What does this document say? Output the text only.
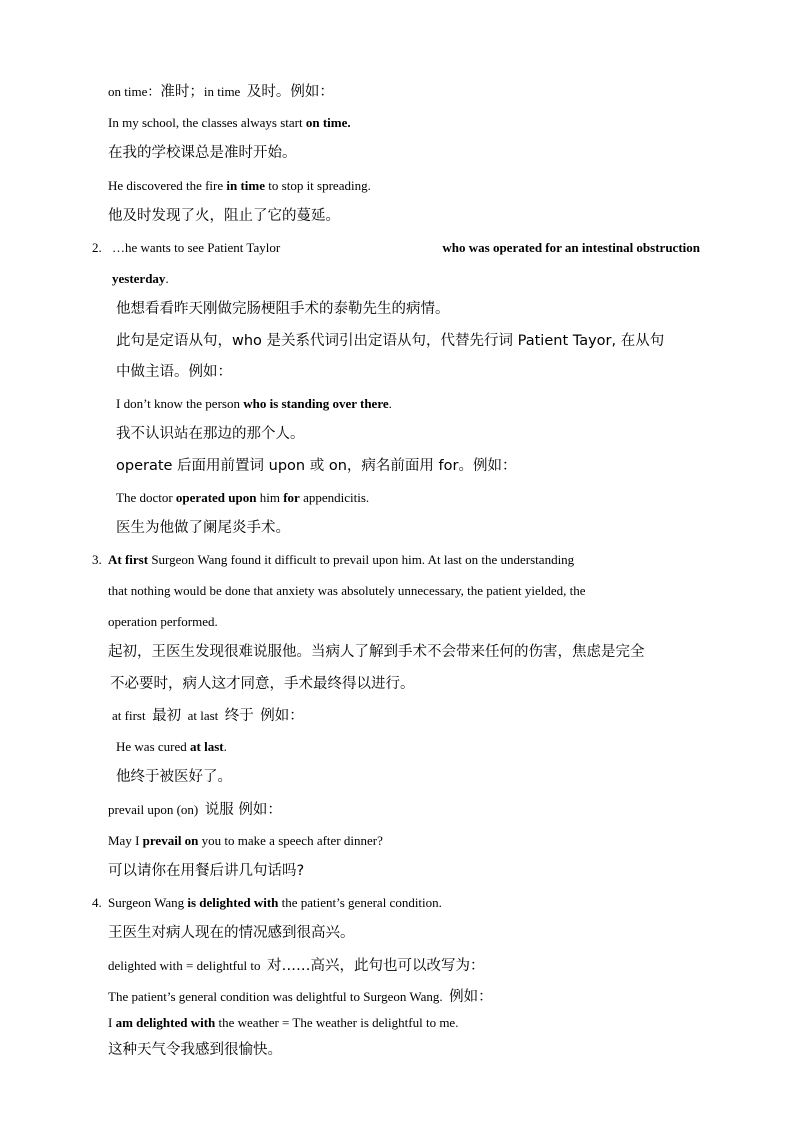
on time：准时；in time 及时。例如：
In my school, the classes always start on time.
在我的学校课总是准时开始。
He discovered the fire in time to stop it spreading.
他及时发现了火，阻止了它的蔓延。
2. …he wants to see Patient Taylor	who was operated for an intestinal obstruction
yesterday.
他想看看昨天刚做完肠梗阻手术的泰勒先生的病情。
此句是定语从句，who 是关系代词引出定语从句，代替先行词 Patient Tayor, 在从句
中做主语。例如：
I don’t know the person who is standing over there.
我不认识站在那边的那个人。
operate 后面用前置词 upon 或 on，病名前面用 for。例如：
The doctor operated upon him for appendicitis.
医生为他做了阑尾炎手术。
3. At first Surgeon Wang found it difficult to prevail upon him. At last on the understanding
that nothing would be done that anxiety was absolutely unnecessary, the patient yielded, the
operation performed.
起初，王医生发现很难说服他。当病人了解到手术不会带来任何的伤害，焦虑是完全
不必要时，病人这才同意，手术最终得以进行。
at first 最初 at last 终于 例如：
He was cured at last.
他终于被医好了。
prevail upon (on) 说服 例如：
May I prevail on you to make a speech after dinner?
可以请你在用餐后讲几句话吗?
4. Surgeon Wang is delighted with the patient’s general condition.
王医生对病人现在的情况感到很高兴。
delighted with = delightful to 对……高兴，此句也可以改写为：
The patient’s general condition was delightful to Surgeon Wang. 例如：
I am delighted with the weather = The weather is delightful to me.
这种天气令我感到很愉快。
